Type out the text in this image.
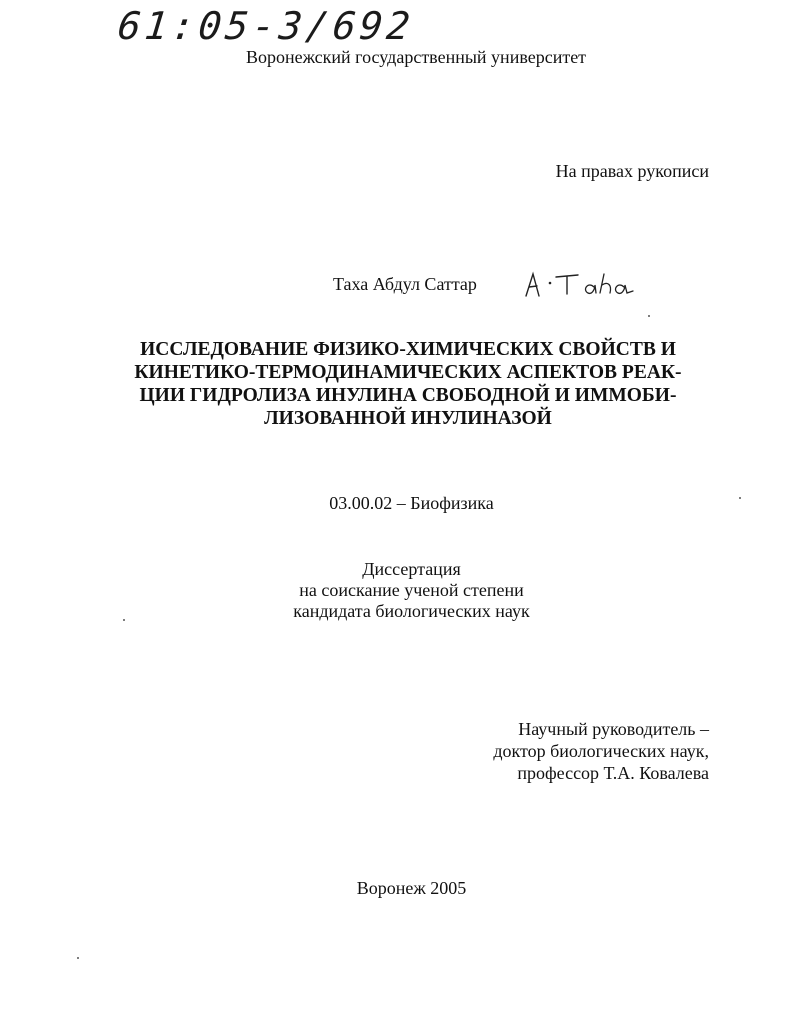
61:05-3/692
Воронежский государственный университет
На правах рукописи
Таха Абдул Саттар
ИССЛЕДОВАНИЕ ФИЗИКО-ХИМИЧЕСКИХ СВОЙСТВ И
КИНЕТИКО-ТЕРМОДИНАМИЧЕСКИХ АСПЕКТОВ РЕАК-
ЦИИ ГИДРОЛИЗА ИНУЛИНА СВОБОДНОЙ И ИММОБИ-
ЛИЗОВАННОЙ ИНУЛИНАЗОЙ
03.00.02 – Биофизика
Диссертация
на соискание ученой степени
кандидата биологических наук
Научный руководитель –
доктор биологических наук,
профессор Т.А. Ковалева
Воронеж 2005
